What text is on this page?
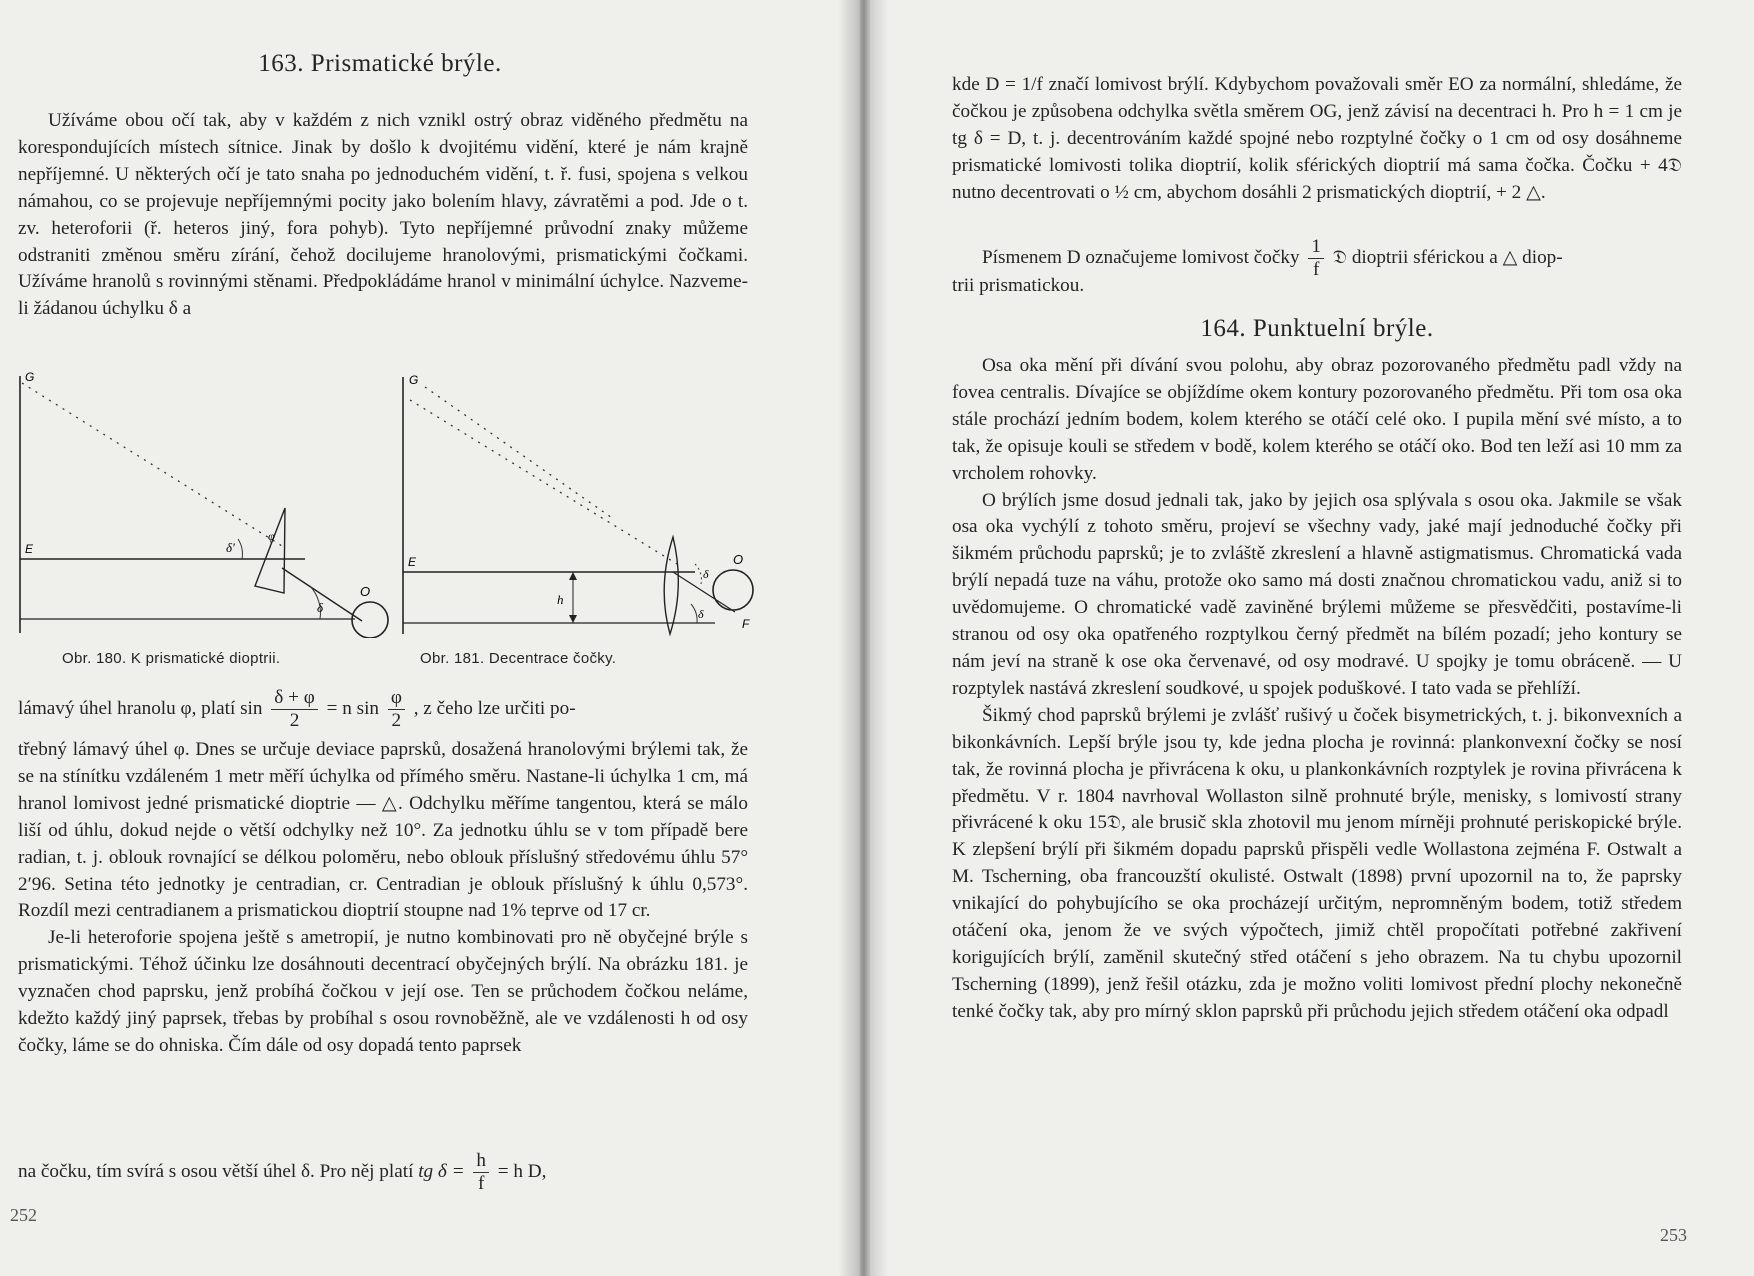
163. Prismatické brýle.

Užíváme obou očí tak, aby v každém z nich vznikl ostrý obraz viděného předmětu na korespondujících místech sítnice. Jinak by došlo k dvojitému vidění, které je nám krajně nepříjemné. U některých očí je tato snaha po jednoduchém vidění, t. ř. fusi, spojena s velkou námahou, co se projevuje nepříjemnými pocity jako bolením hlavy, závratěmi a pod. Jde o t. zv. heteroforii (ř. heteros jiný, fora pohyb). Tyto nepříjemné průvodní znaky můžeme odstraniti změnou směru zírání, čehož docilujeme hranolovými, prismatickými čočkami. Užíváme hranolů s rovinnými stěnami. Předpokládáme hranol v minimální úchylce. Nazveme-li žádanou úchylku δ a

G
E
O
δ'
δ
φ
Obr. 180. K prismatické dioptrii.
G
E	O
F
h
δ
δ
Obr. 181. Decentrace čočky.
lámavý úhel hranolu φ, platí $\sin \frac{\delta + \varphi}{2} = n$ $\sin \frac{\varphi}{2}$ , z čeho lze určiti po-

třebný lámavý úhel φ. Dnes se určuje deviace paprsků, dosažená hranolovými brýlemi tak, že se na stínítku vzdáleném 1 metr měří úchylka od přímého směru. Nastane-li úchylka 1 cm, má hranol lomivost jedné prismatické dioptrie — △. Odchylku měříme tangentou, která se málo liší od úhlu, dokud nejde o větší odchylky než 10°. Za jednotku úhlu se v tom případě bere radian, t. j. oblouk rovnající se délkou poloměru, nebo oblouk příslušný středovému úhlu 57° 2′96. Setina této jednotky je centradian, cr. Centradian je oblouk příslušný k úhlu 0,573°. Rozdíl mezi centradianem a prismatickou dioptrií stoupne nad 1% teprve od 17 cr.

Je-li heteroforie spojena ještě s ametropií, je nutno kombinovati pro ně obyčejné brýle s prismatickými. Téhož účinku lze dosáhnouti decentrací obyčejných brýlí. Na obrázku 181. je vyznačen chod paprsku, jenž probíhá čočkou v její ose. Ten se průchodem čočkou neláme, kdežto každý jiný paprsek, třebas by probíhal s osou rovnoběžně, ale ve vzdálenosti h od osy čočky, láme se do ohniska. Čím dále od osy dopadá tento paprsek

na čočku, tím svírá s osou větší úhel δ. Pro něj platí tg $\delta = \frac{h}{f} = h$ D,
252

kde D = 1/f značí lomivost brýlí. Kdybychom považovali směr EO za normální, shledáme, že čočkou je způsobena odchylka světla směrem OG, jenž závisí na decentraci h. Pro h = 1 cm je tg δ = D, t. j. decentrováním každé spojné nebo rozptylné čočky o 1 cm od osy dosáhneme prismatické lomivosti tolika dioptrií, kolik sférických dioptrií má sama čočka. Čočku + 4𝔇 nutno decentrovati o ½ cm, abychom dosáhli 2 prismatických dioptrií, + 2 △.

Písmenem D označujeme lomivost čočky $\frac{1}{f}$ 𝔇 dioptrii sférickou a △ diop-
trii prismatickou.
164. Punktuelní brýle.

Osa oka mění při dívání svou polohu, aby obraz pozorovaného předmětu padl vždy na fovea centralis. Dívajíce se objíždíme okem kontury pozorovaného předmětu. Při tom osa oka stále prochází jedním bodem, kolem kterého se otáčí celé oko. I pupila mění své místo, a to tak, že opisuje kouli se středem v bodě, kolem kterého se otáčí oko. Bod ten leží asi 10 mm za vrcholem rohovky.

O brýlích jsme dosud jednali tak, jako by jejich osa splývala s osou oka. Jakmile se však osa oka vychýlí z tohoto směru, projeví se všechny vady, jaké mají jednoduché čočky při šikmém průchodu paprsků; je to zvláště zkreslení a hlavně astigmatismus. Chromatická vada brýlí nepadá tuze na váhu, protože oko samo má dosti značnou chromatickou vadu, aniž si to uvědomujeme. O chromatické vadě zaviněné brýlemi můžeme se přesvědčiti, postavíme-li stranou od osy oka opatřeného rozptylkou černý předmět na bílém pozadí; jeho kontury se nám jeví na straně k ose oka červenavé, od osy modravé. U spojky je tomu obráceně. — U rozptylek nastává zkreslení soudkové, u spojek poduškové. I tato vada se přehlíží.

Šikmý chod paprsků brýlemi je zvlášť rušivý u čoček bisymetrických, t. j. bikonvexních a bikonkávních. Lepší brýle jsou ty, kde jedna plocha je rovinná: plankonvexní čočky se nosí tak, že rovinná plocha je přivrácena k oku, u plankonkávních rozptylek je rovina přivrácena k předmětu. V r. 1804 navrhoval Wollaston silně prohnuté brýle, menisky, s lomivostí strany přivrácené k oku 15𝔇, ale brusič skla zhotovil mu jenom mírněji prohnuté periskopické brýle. K zlepšení brýlí při šikmém dopadu paprsků přispěli vedle Wollastona zejména F. Ostwalt a M. Tscherning, oba francouzští okulisté. Ostwalt (1898) první upozornil na to, že paprsky vnikající do pohybujícího se oka procházejí určitým, nepromněným bodem, totiž středem otáčení oka, jenom že ve svých výpočtech, jimiž chtěl propočítati potřebné zakřivení korigujících brýlí, zaměnil skutečný střed otáčení s jeho obrazem. Na tu chybu upozornil Tscherning (1899), jenž řešil otázku, zda je možno voliti lomivost přední plochy nekonečně tenké čočky tak, aby pro mírný sklon paprsků při průchodu jejich středem otáčení oka odpadl

253
